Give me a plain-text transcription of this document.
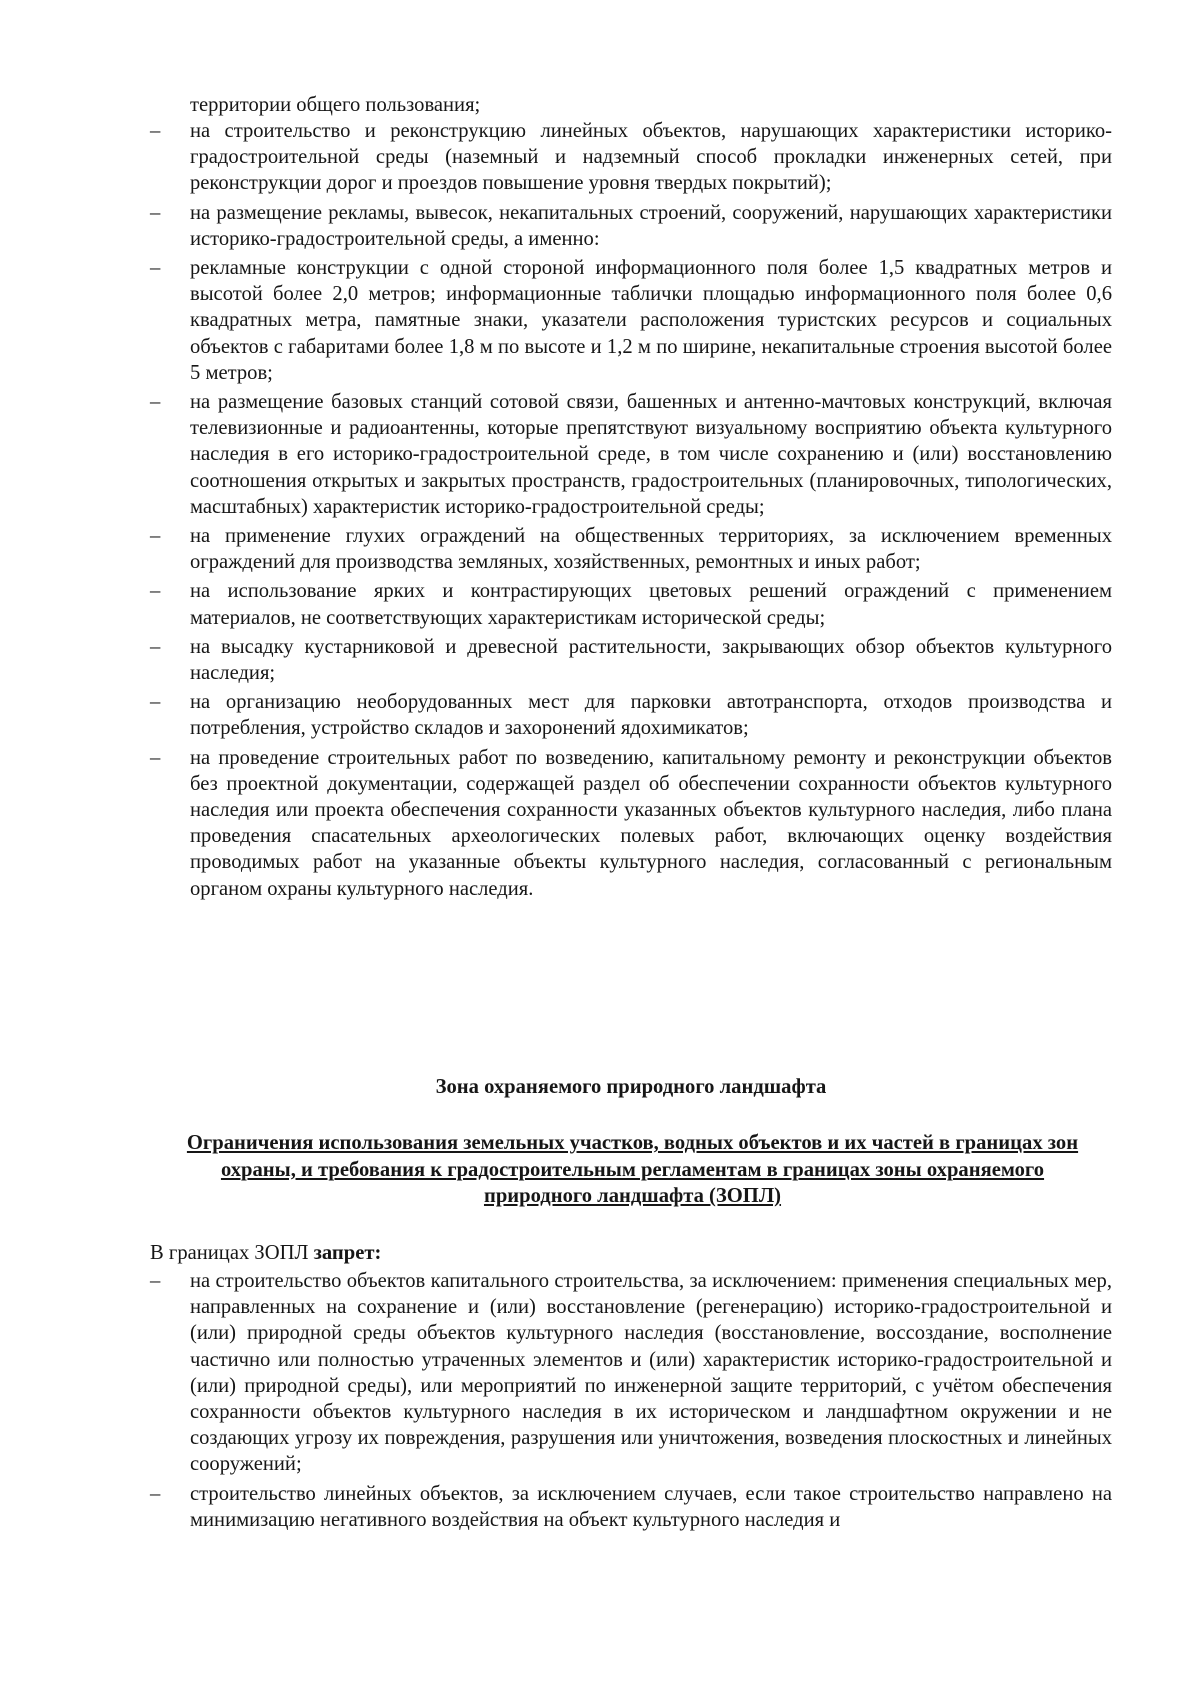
территории общего пользования;
– на строительство и реконструкцию линейных объектов, нарушающих характеристики историко-градостроительной среды (наземный и надземный способ прокладки инженерных сетей, при реконструкции дорог и проездов повышение уровня твердых покрытий);
– на размещение рекламы, вывесок, некапитальных строений, сооружений, нарушающих характеристики историко-градостроительной среды, а именно:
– рекламные конструкции с одной стороной информационного поля более 1,5 квадратных метров и высотой более 2,0 метров; информационные таблички площадью информационного поля более 0,6 квадратных метра, памятные знаки, указатели расположения туристских ресурсов и социальных объектов с габаритами более 1,8 м по высоте и 1,2 м по ширине, некапитальные строения высотой более 5 метров;
– на размещение базовых станций сотовой связи, башенных и антенно-мачтовых конструкций, включая телевизионные и радиоантенны, которые препятствуют визуальному восприятию объекта культурного наследия в его историко-градостроительной среде, в том числе сохранению и (или) восстановлению соотношения открытых и закрытых пространств, градостроительных (планировочных, типологических, масштабных) характеристик историко-градостроительной среды;
– на применение глухих ограждений на общественных территориях, за исключением временных ограждений для производства земляных, хозяйственных, ремонтных и иных работ;
– на использование ярких и контрастирующих цветовых решений ограждений с применением материалов, не соответствующих характеристикам исторической среды;
– на высадку кустарниковой и древесной растительности, закрывающих обзор объектов культурного наследия;
– на организацию необорудованных мест для парковки автотранспорта, отходов производства и потребления, устройство складов и захоронений ядохимикатов;
– на проведение строительных работ по возведению, капитальному ремонту и реконструкции объектов без проектной документации, содержащей раздел об обеспечении сохранности объектов культурного наследия или проекта обеспечения сохранности указанных объектов культурного наследия, либо плана проведения спасательных археологических полевых работ, включающих оценку воздействия проводимых работ на указанные объекты культурного наследия, согласованный с региональным органом охраны культурного наследия.
Зона охраняемого природного ландшафта
Ограничения использования земельных участков, водных объектов и их частей в границах зон охраны, и требования к градостроительным регламентам в границах зоны охраняемого природного ландшафта (ЗОПЛ)
В границах ЗОПЛ запрет:
– на строительство объектов капитального строительства, за исключением: применения специальных мер, направленных на сохранение и (или) восстановление (регенерацию) историко-градостроительной и (или) природной среды объектов культурного наследия (восстановление, воссоздание, восполнение частично или полностью утраченных элементов и (или) характеристик историко-градостроительной и (или) природной среды), или мероприятий по инженерной защите территорий, с учётом обеспечения сохранности объектов культурного наследия в их историческом и ландшафтном окружении и не создающих угрозу их повреждения, разрушения или уничтожения, возведения плоскостных и линейных сооружений;
– строительство линейных объектов, за исключением случаев, если такое строительство направлено на минимизацию негативного воздействия на объект культурного наследия и
